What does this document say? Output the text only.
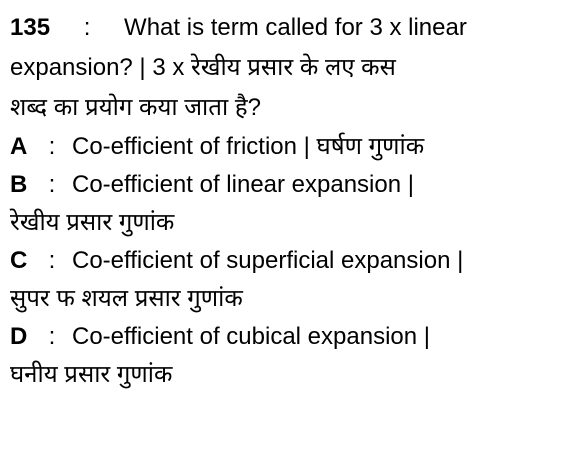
135 : What is term called for 3 x linear
expansion? | 3 x रेखीय प्रसार के लए कस
शब्द का प्रयोग कया जाता है?
A : Co-efficient of friction | घर्षण गुणांक
B : Co-efficient of linear expansion |
रेखीय प्रसार गुणांक
C : Co-efficient of superficial expansion |
सुपर फ शयल प्रसार गुणांक
D : Co-efficient of cubical expansion |
घनीय प्रसार गुणांक
